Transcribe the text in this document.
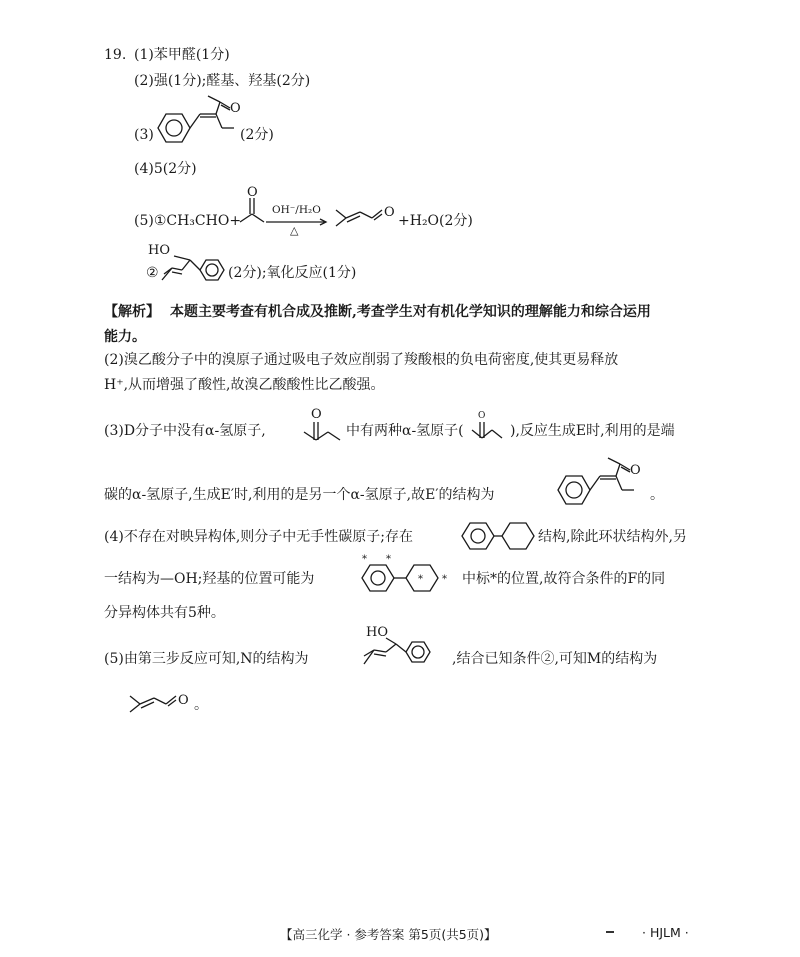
19. (1)苯甲醛(1分)
(2)强(1分);醛基、羟基(2分)
(3)
O
(2分)
(4)5(2分)
(5)①CH₃CHO+
O
OH⁻/H₂O
△
O
+H₂O(2分)
②
HO
(2分);氧化反应(1分)
【解析】 本题主要考查有机合成及推断,考查学生对有机化学知识的理解能力和综合运用
能力。
(2)溴乙酸分子中的溴原子通过吸电子效应削弱了羧酸根的负电荷密度,使其更易释放
H⁺,从而增强了酸性,故溴乙酸酸性比乙酸强。
(3)D分子中没有α-氢原子,
O
中有两种α-氢原子(
O
),反应生成E时,利用的是端
碳的α-氢原子,生成E′时,利用的是另一个α-氢原子,故E′的结构为
O
。
(4)不存在对映异构体,则分子中无手性碳原子;存在	结构,除此环状结构外,另
一结构为—OH;羟基的位置可能为
* *
* * 中标*的位置,故符合条件的F的同
分异构体共有5种。
(5)由第三步反应可知,N的结构为
HO
,结合已知条件②,可知M的结构为
O 。
【高三化学 · 参考答案 第5页(共5页)】	· HJLM ·
